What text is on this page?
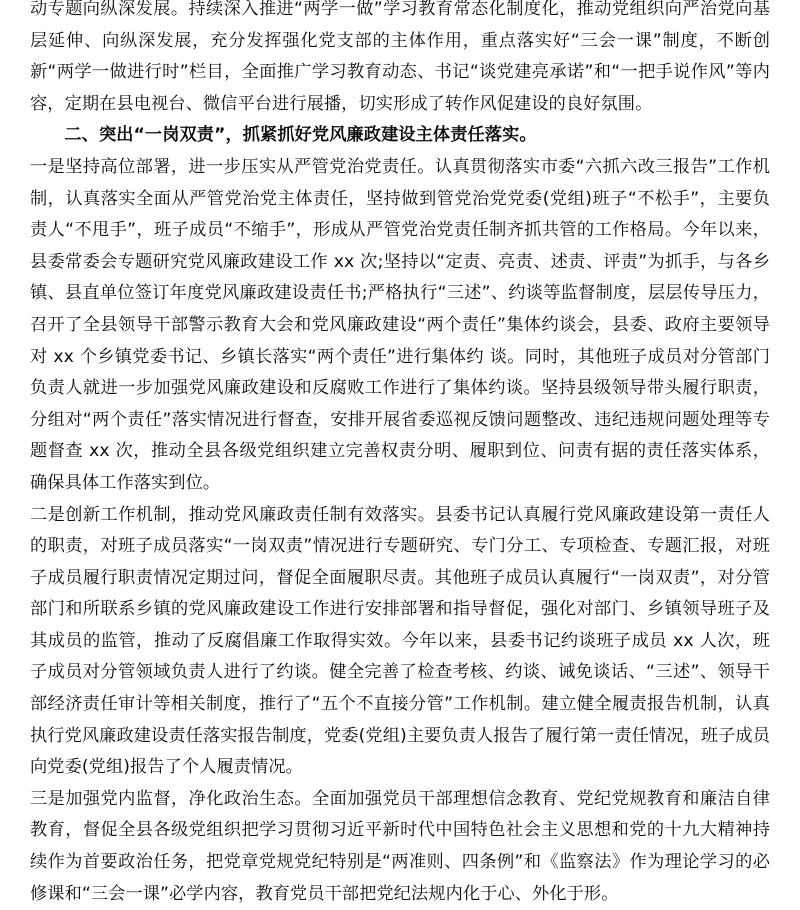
动专题向纵深发展。持续深入推进“两学一做”学习教育常态化制度化，推动党组织向严治党向基层延伸、向纵深发展，充分发挥强化党支部的主体作用，重点落实好“三会一课”制度，不断创新“两学一做进行时”栏目，全面推广学习教育动态、书记“谈党建亮承诺”和“一把手说作风”等内容，定期在县电视台、微信平台进行展播，切实形成了转作风促建设的良好氛围。

二、突出“一岗双责”，抓紧抓好党风廉政建设主体责任落实。

一是坚持高位部署，进一步压实从严管党治党责任。认真贯彻落实市委“六抓六改三报告”工作机制，认真落实全面从严管党治党主体责任，坚持做到管党治党党委(党组)班子“不松手”，主要负责人“不甩手”，班子成员“不缩手”，形成从严管党治党责任制齐抓共管的工作格局。今年以来，县委常委会专题研究党风廉政建设工作 xx 次;坚持以“定责、亮责、述责、评责”为抓手，与各乡镇、县直单位签订年度党风廉政建设责任书;严格执行“三述”、约谈等监督制度，层层传导压力，召开了全县领导干部警示教育大会和党风廉政建设“两个责任”集体约谈会，县委、政府主要领导对 xx 个乡镇党委书记、乡镇长落实“两个责任”进行集体约 谈。同时，其他班子成员对分管部门负责人就进一步加强党风廉政建设和反腐败工作进行了集体约谈。坚持县级领导带头履行职责，分组对“两个责任”落实情况进行督查，安排开展省委巡视反馈问题整改、违纪违规问题处理等专题督查 xx 次，推动全县各级党组织建立完善权责分明、履职到位、问责有据的责任落实体系，确保具体工作落实到位。

二是创新工作机制，推动党风廉政责任制有效落实。县委书记认真履行党风廉政建设第一责任人的职责，对班子成员落实“一岗双责”情况进行专题研究、专门分工、专项检查、专题汇报，对班子成员履行职责情况定期过问，督促全面履职尽责。其他班子成员认真履行“一岗双责”，对分管部门和所联系乡镇的党风廉政建设工作进行安排部署和指导督促，强化对部门、乡镇领导班子及其成员的监管，推动了反腐倡廉工作取得实效。今年以来，县委书记约谈班子成员 xx 人次，班子成员对分管领域负责人进行了约谈。健全完善了检查考核、约谈、诫免谈话、“三述”、领导干部经济责任审计等相关制度，推行了“五个不直接分管”工作机制。建立健全履责报告机制，认真执行党风廉政建设责任落实报告制度，党委(党组)主要负责人报告了履行第一责任情况，班子成员向党委(党组)报告了个人履责情况。

三是加强党内监督，净化政治生态。全面加强党员干部理想信念教育、党纪党规教育和廉洁自律教育，督促全县各级党组织把学习贯彻习近平新时代中国特色社会主义思想和党的十九大精神持续作为首要政治任务，把党章党规党纪特别是“两准则、四条例”和《监察法》作为理论学习的必修课和“三会一课”必学内容，教育党员干部把党纪法规内化于心、外化于形。
